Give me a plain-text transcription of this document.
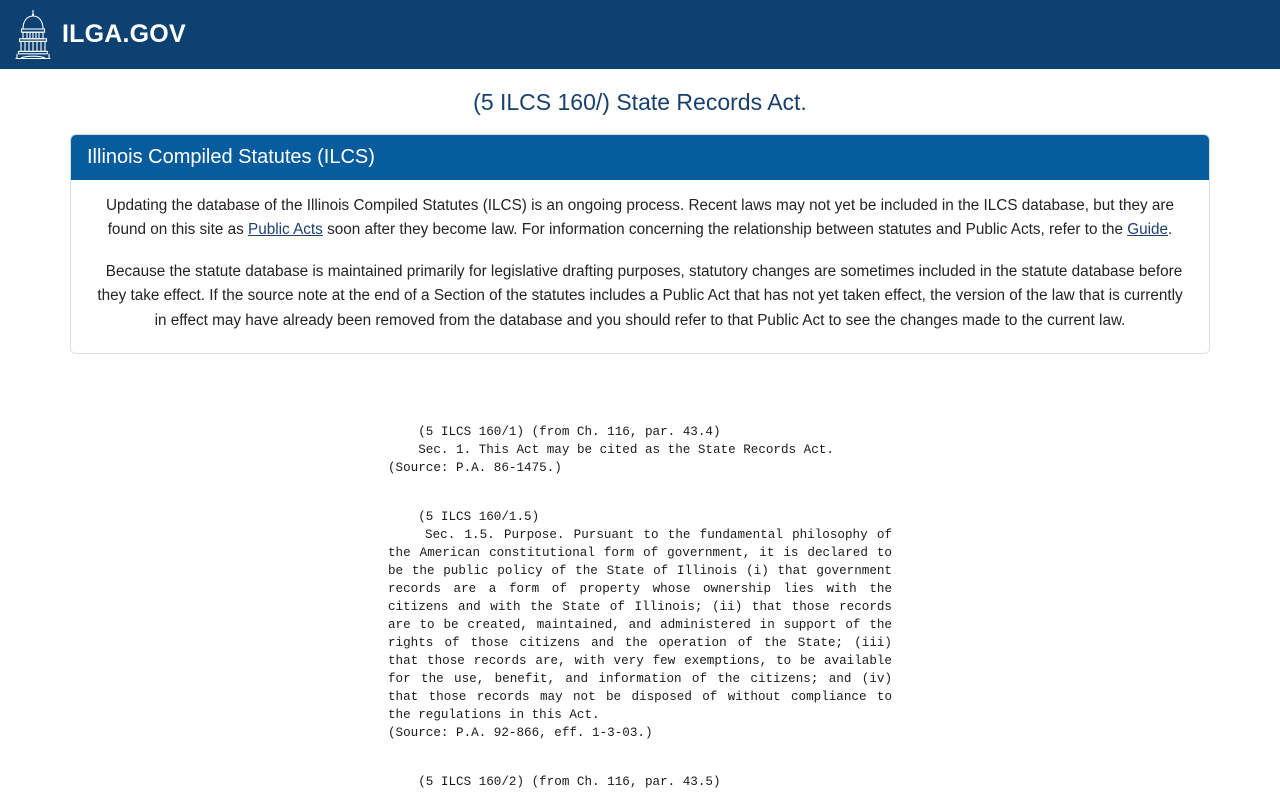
ILGA.GOV
(5 ILCS 160/) State Records Act.
Illinois Compiled Statutes (ILCS)

Updating the database of the Illinois Compiled Statutes (ILCS) is an ongoing process. Recent laws may not yet be included in the ILCS database, but they are found on this site as Public Acts soon after they become law. For information concerning the relationship between statutes and Public Acts, refer to the Guide.

Because the statute database is maintained primarily for legislative drafting purposes, statutory changes are sometimes included in the statute database before they take effect. If the source note at the end of a Section of the statutes includes a Public Act that has not yet taken effect, the version of the law that is currently in effect may have already been removed from the database and you should refer to that Public Act to see the changes made to the current law.

(5 ILCS 160/1) (from Ch. 116, par. 43.4)
Sec. 1. This Act may be cited as the State Records Act.
(Source: P.A. 86-1475.)
(5 ILCS 160/1.5)
Sec. 1.5. Purpose. Pursuant to the fundamental philosophy of the American constitutional form of government, it is declared to be the public policy of the State of Illinois (i) that government records are a form of property whose ownership lies with the citizens and with the State of Illinois; (ii) that those records are to be created, maintained, and administered in support of the rights of those citizens and the operation of the State; (iii) that those records are, with very few exemptions, to be available for the use, benefit, and information of the citizens; and (iv) that those records may not be disposed of without compliance to the regulations in this Act.
(Source: P.A. 92-866, eff. 1-3-03.)
(5 ILCS 160/2) (from Ch. 116, par. 43.5)
